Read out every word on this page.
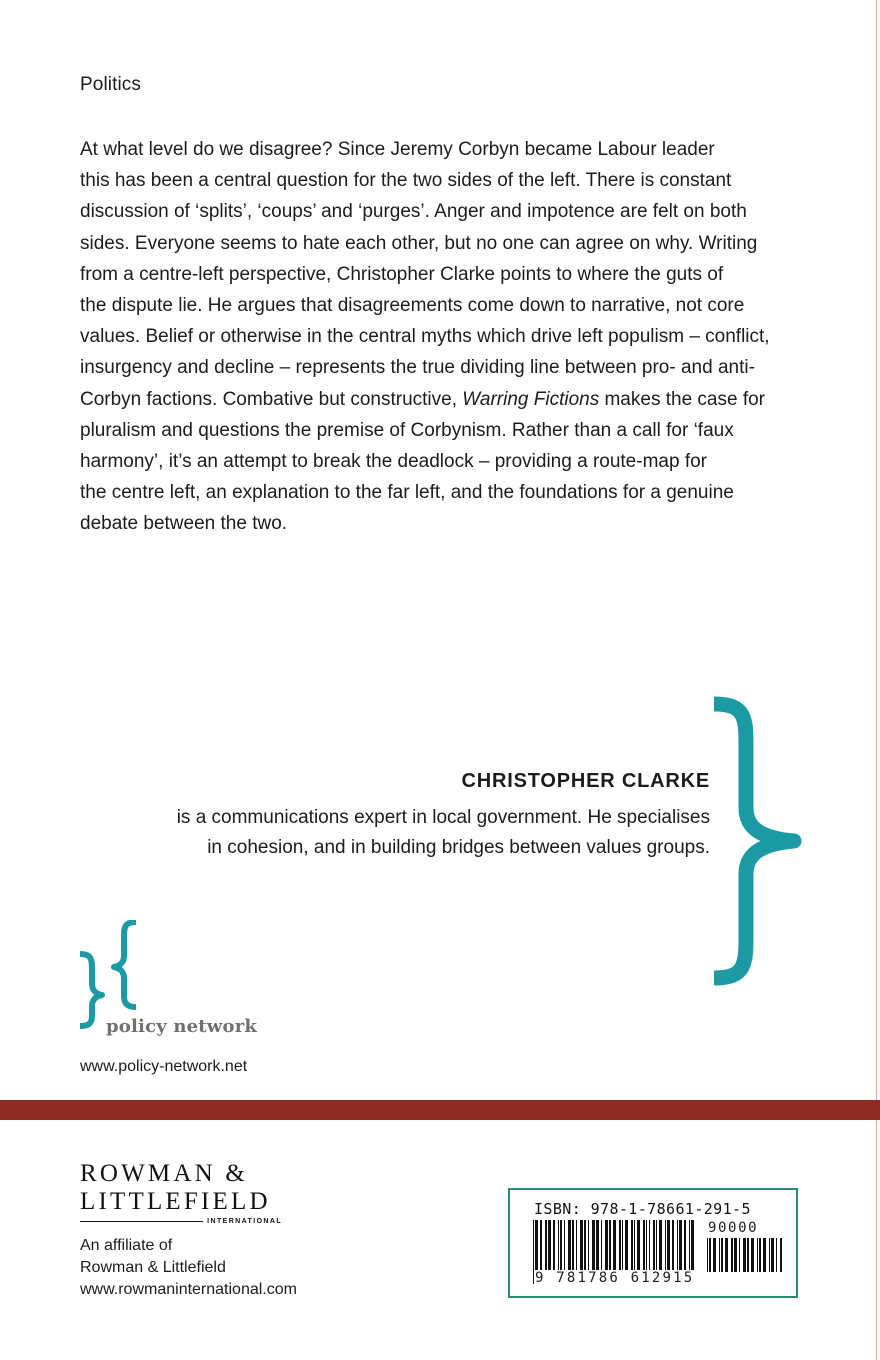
Politics

At what level do we disagree? Since Jeremy Corbyn became Labour leader
this has been a central question for the two sides of the left. There is constant
discussion of ‘splits’, ‘coups’ and ‘purges’. Anger and impotence are felt on both
sides. Everyone seems to hate each other, but no one can agree on why. Writing
from a centre-left perspective, Christopher Clarke points to where the guts of
the dispute lie. He argues that disagreements come down to narrative, not core
values. Belief or otherwise in the central myths which drive left populism – conflict,
insurgency and decline – represents the true dividing line between pro- and anti-
Corbyn factions. Combative but constructive, Warring Fictions makes the case for
pluralism and questions the premise of Corbynism. Rather than a call for ‘faux
harmony’, it’s an attempt to break the deadlock – providing a route-map for
the centre left, an explanation to the far left, and the foundations for a genuine
debate between the two.

CHRISTOPHER CLARKE
is a communications expert in local government. He specialises
in cohesion, and in building bridges between values groups.
policy network
www.policy-network.net
ROWMAN &
LITTLEFIELD
INTERNATIONAL
An affiliate of
Rowman & Littlefield
www.rowmaninternational.com
ISBN: 978-1-78661-291-5
9 781786 612915
90000
